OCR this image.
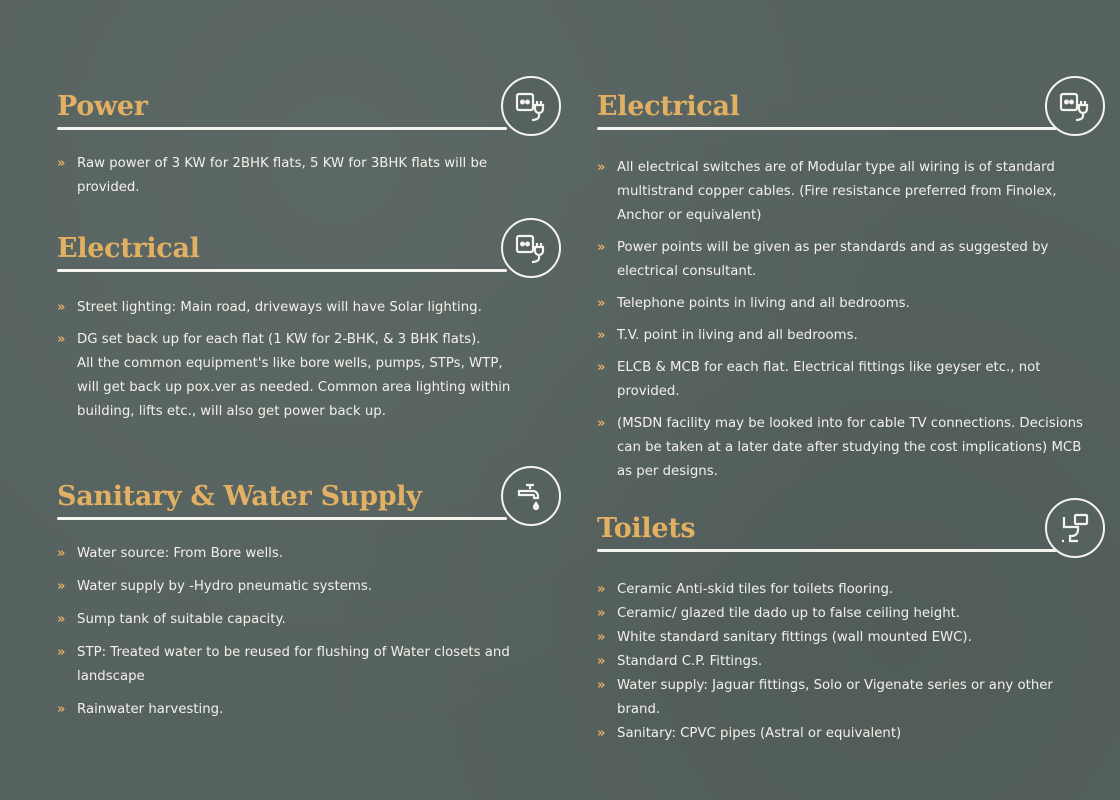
Power
» Raw power of 3 KW for 2BHK flats, 5 KW for 3BHK flats will be provided.
Electrical
» Street lighting: Main road, driveways will have Solar lighting.
» DG set back up for each flat (1 KW for 2-BHK, & 3 BHK flats).
All the common equipment's like bore wells, pumps, STPs, WTP, will get back up pox.ver as needed. Common area lighting within building, lifts etc., will also get power back up.
Sanitary & Water Supply
» Water source: From Bore wells.
» Water supply by -Hydro pneumatic systems.
» Sump tank of suitable capacity.
» STP: Treated water to be reused for flushing of Water closets and landscape
» Rainwater harvesting.
Electrical
» All electrical switches are of Modular type all wiring is of standard multistrand copper cables. (Fire resistance preferred from Finolex, Anchor or equivalent)
» Power points will be given as per standards and as suggested by electrical consultant.
» Telephone points in living and all bedrooms.
» T.V. point in living and all bedrooms.
» ELCB & MCB for each flat. Electrical fittings like geyser etc., not provided.
» (MSDN facility may be looked into for cable TV connections. Decisions can be taken at a later date after studying the cost implications) MCB as per designs.
Toilets
» Ceramic Anti-skid tiles for toilets flooring.
» Ceramic/ glazed tile dado up to false ceiling height.
» White standard sanitary fittings (wall mounted EWC).
» Standard C.P. Fittings.
» Water supply: Jaguar fittings, Solo or Vigenate series or any other brand.
» Sanitary: CPVC pipes (Astral or equivalent)
